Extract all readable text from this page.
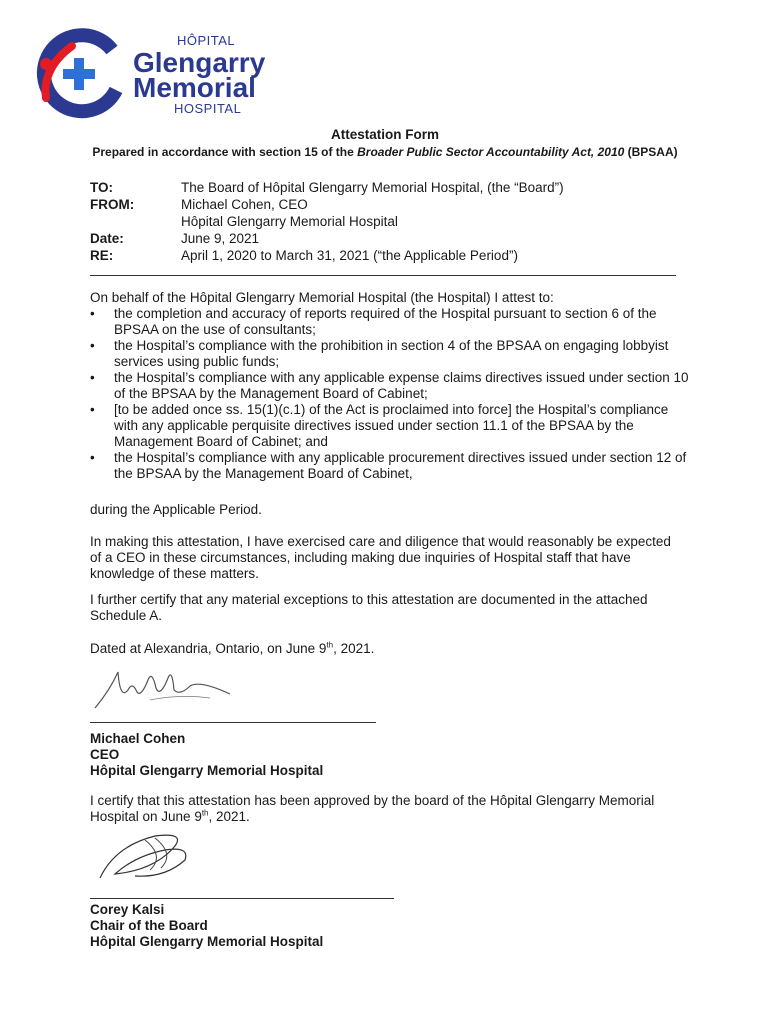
HÔPITAL
Glengarry
Memorial
HOSPITAL
Attestation Form
Prepared in accordance with section 15 of the Broader Public Sector Accountability Act, 2010 (BPSAA)
TO:	The Board of Hôpital Glengarry Memorial Hospital, (the “Board”)
FROM:	Michael Cohen, CEO
Hôpital Glengarry Memorial Hospital
Date:	June 9, 2021
RE:	April 1, 2020 to March 31, 2021 (“the Applicable Period”)
On behalf of the Hôpital Glengarry Memorial Hospital (the Hospital) I attest to:
• the completion and accuracy of reports required of the Hospital pursuant to section 6 of the BPSAA on the use of consultants;
• the Hospital’s compliance with the prohibition in section 4 of the BPSAA on engaging lobbyist services using public funds;
• the Hospital’s compliance with any applicable expense claims directives issued under section 10 of the BPSAA by the Management Board of Cabinet;
• [to be added once ss. 15(1)(c.1) of the Act is proclaimed into force] the Hospital’s compliance with any applicable perquisite directives issued under section 11.1 of the BPSAA by the Management Board of Cabinet; and
• the Hospital’s compliance with any applicable procurement directives issued under section 12 of the BPSAA by the Management Board of Cabinet,
during the Applicable Period.
In making this attestation, I have exercised care and diligence that would reasonably be expected of a CEO in these circumstances, including making due inquiries of Hospital staff that have knowledge of these matters.
I further certify that any material exceptions to this attestation are documented in the attached Schedule A.
Dated at Alexandria, Ontario, on June 9th, 2021.
Michael Cohen
CEO
Hôpital Glengarry Memorial Hospital
I certify that this attestation has been approved by the board of the Hôpital Glengarry Memorial Hospital on June 9th, 2021.
Corey Kalsi
Chair of the Board
Hôpital Glengarry Memorial Hospital
